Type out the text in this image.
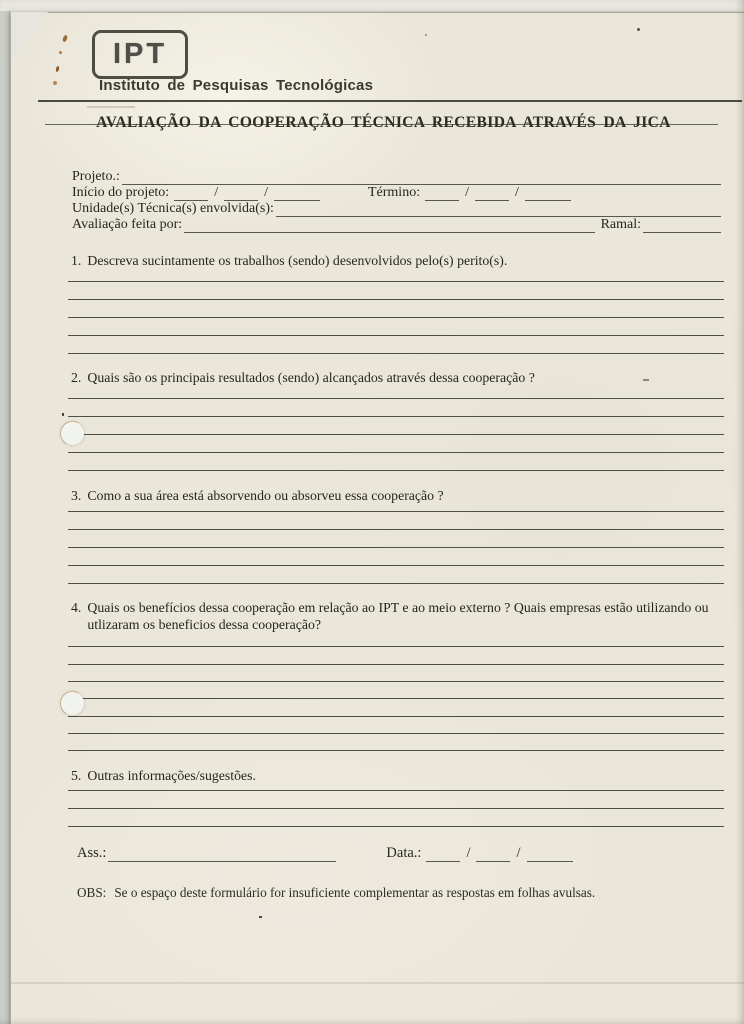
IPT
Instituto de Pesquisas Tecnológicas
AVALIAÇÃO DA COOPERAÇÃO TÉCNICA RECEBIDA ATRAVÉS DA JICA
Projeto.:
Início do projeto:	/	/	Término:	/	/
Unidade(s) Técnica(s) envolvida(s):
Avaliação feita por:	Ramal:
1. Descreva sucintamente os trabalhos (sendo) desenvolvidos pelo(s) perito(s).
2. Quais são os principais resultados (sendo) alcançados através dessa cooperação ?
3. Como a sua área está absorvendo ou absorveu essa cooperação ?
4. Quais os benefícios dessa cooperação em relação ao IPT e ao meio externo ? Quais empresas estão utilizando ou utlizaram os beneficios dessa cooperação?
5. Outras informações/sugestões.
Ass.:	Data.:	/	/
OBS: Se o espaço deste formulário for insuficiente complementar as respostas em folhas avulsas.
